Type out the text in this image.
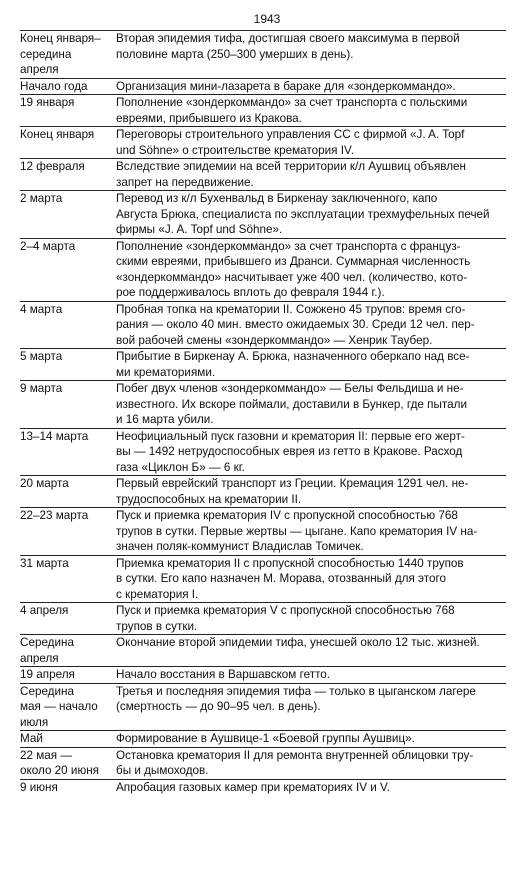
1943
Конец января–
середина
апреля	Вторая эпидемия тифа, достигшая своего максимума в первой
половине марта (250–300 умерших в день).

Начало года	Организация мини-лазарета в бараке для «зондеркоммандо».

19 января	Пополнение «зондеркоммандо» за счет транспорта с польскими
евреями, прибывшего из Кракова.

Конец января	Переговоры строительного управления СС с фирмой «J. A. Topf
und Söhne» о строительстве крематория IV.

12 февраля	Вследствие эпидемии на всей территории к/л Аушвиц объявлен
запрет на передвижение.

2 марта	Перевод из к/л Бухенвальд в Биркенау заключенного, капо
Августа Брюка, специалиста по эксплуатации трехмуфельных печей
фирмы «J. A. Topf und Söhne».

2–4 марта	Пополнение «зондеркоммандо» за счет транспорта с француз-
скими евреями, прибывшего из Дранси. Суммарная численность
«зондеркоммандо» насчитывает уже 400 чел. (количество, кото-
рое поддерживалось вплоть до февраля 1944 г.).

4 марта	Пробная топка на крематории II. Сожжено 45 трупов: время сго-
рания — около 40 мин. вместо ожидаемых 30. Среди 12 чел. пер-
вой рабочей смены «зондеркоммандо» — Хенрик Таубер.

5 марта	Прибытие в Биркенау А. Брюка, назначенного оберкапо над все-
ми крематориями.

9 марта	Побег двух членов «зондеркоммандо» — Белы Фельдиша и не-
известного. Их вскоре поймали, доставили в Бункер, где пытали
и 16 марта убили.

13–14 марта	Неофициальный пуск газовни и крематория II: первые его жерт-
вы — 1492 нетрудоспособных еврея из гетто в Кракове. Расход
газа «Циклон Б» — 6 кг.

20 марта	Первый еврейский транспорт из Греции. Кремация 1291 чел. не-
трудоспособных на крематории II.

22–23 марта	Пуск и приемка крематория IV с пропускной способностью 768
трупов в сутки. Первые жертвы — цыгане. Капо крематория IV на-
значен поляк-коммунист Владислав Томичек.

31 марта	Приемка крематория II с пропускной способностью 1440 трупов
в сутки. Его капо назначен М. Морава, отозванный для этого
с крематория I.

4 апреля	Пуск и приемка крематория V с пропускной способностью 768
трупов в сутки.

Середина
апреля	Окончание второй эпидемии тифа, унесшей около 12 тыс. жизней.

19 апреля	Начало восстания в Варшавском гетто.

Середина
мая — начало
июля	Третья и последняя эпидемия тифа — только в цыганском лагере
(смертность — до 90–95 чел. в день).

Май	Формирование в Аушвице-1 «Боевой группы Аушвиц».

22 мая —
около 20 июня	Остановка крематория II для ремонта внутренней облицовки тру-
бы и дымоходов.

9 июня	Апробация газовых камер при крематориях IV и V.
